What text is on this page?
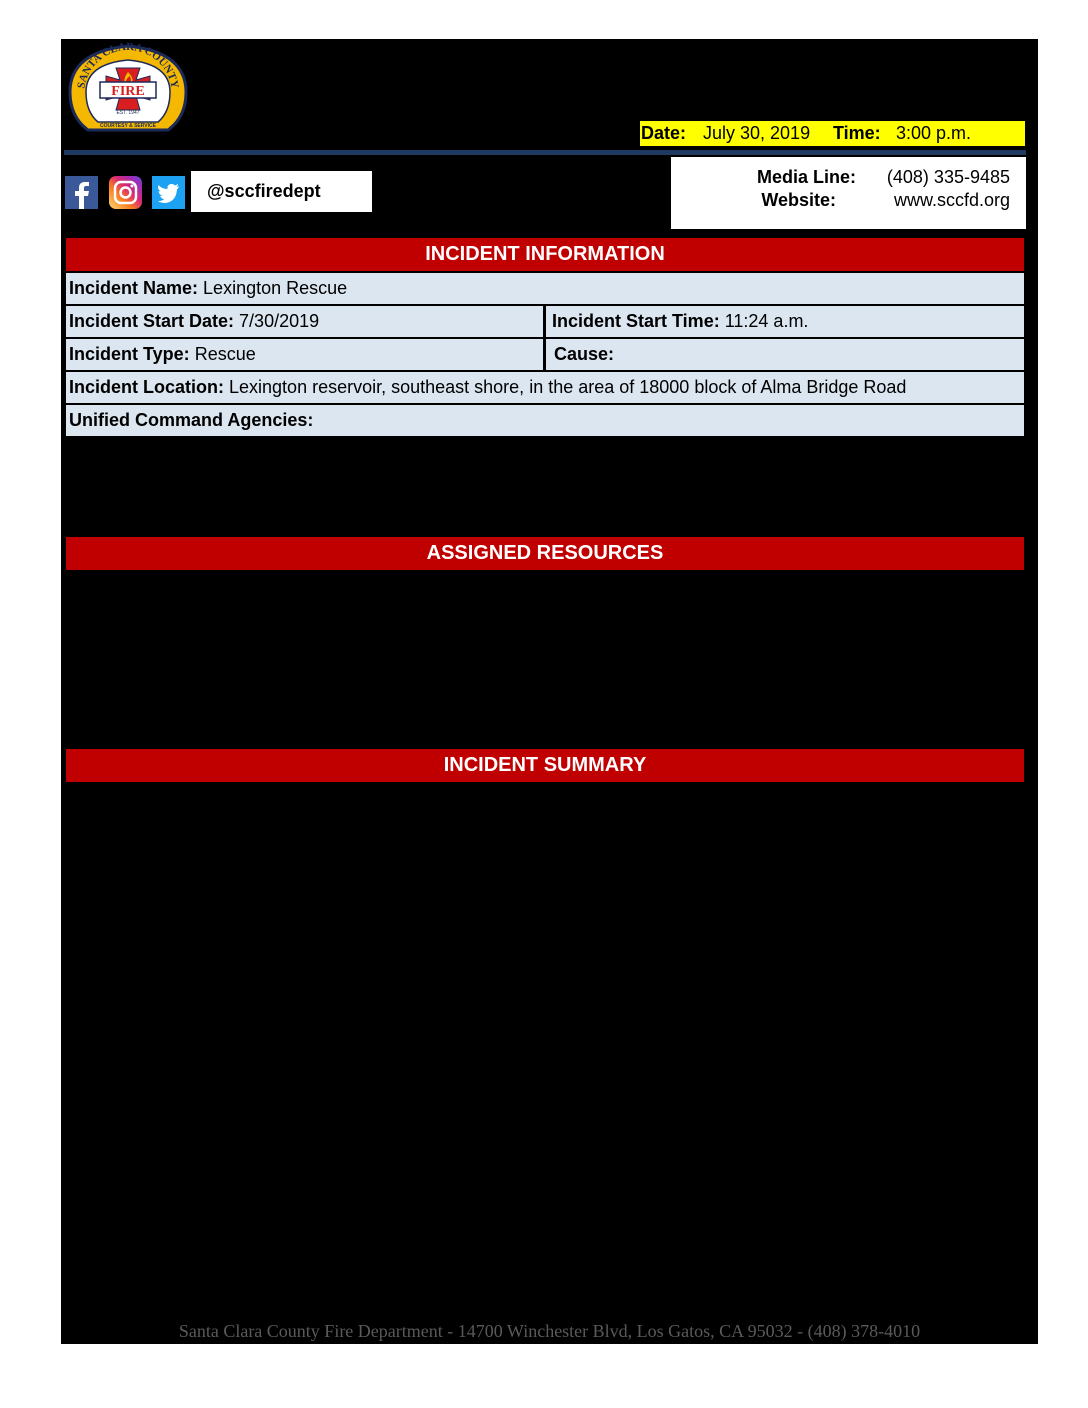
SANTA CLARA COUNTY
FIRE
EST. 1947
COURTESY & SERVICE	Date: July 30, 2019 Time: 3:00 p.m.
@sccfiredept
Media Line:	(408) 335-9485
Website:	www.sccfd.org
INCIDENT INFORMATION
Incident Name: Lexington Rescue
Incident Start Date: 7/30/2019	Incident Start Time: 11:24 a.m.
Incident Type: Rescue	Cause:
Incident Location: Lexington reservoir, southeast shore, in the area of 18000 block of Alma Bridge Road
Unified Command Agencies:
ASSIGNED RESOURCES
INCIDENT SUMMARY
Santa Clara County Fire Department - 14700 Winchester Blvd, Los Gatos, CA 95032 - (408) 378-4010
